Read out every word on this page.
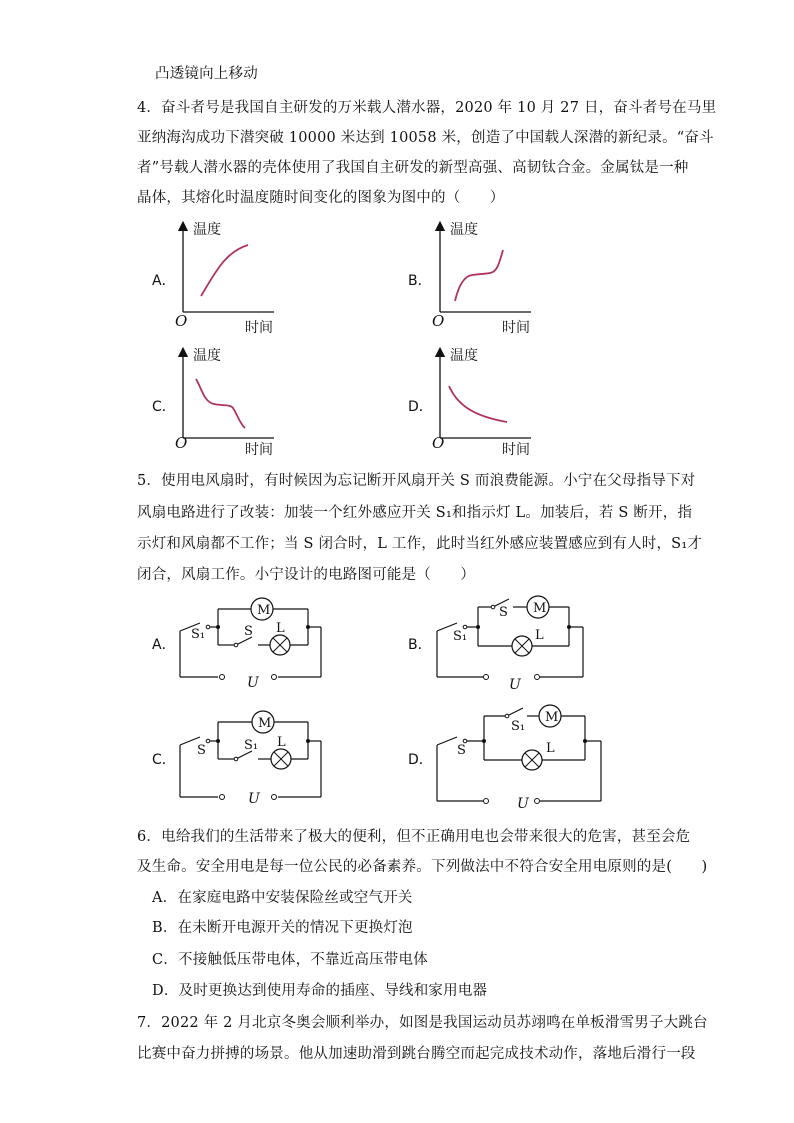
凸透镜向上移动
4．奋斗者号是我国自主研发的万米载人潜水器，2020 年 10 月 27 日，奋斗者号在马里
亚纳海沟成功下潜突破 10000 米达到 10058 米，创造了中国载人深潜的新纪录。“奋斗
者”号载人潜水器的壳体使用了我国自主研发的新型高强、高韧钛合金。金属钛是一种
晶体，其熔化时温度随时间变化的图象为图中的（　　）
A．	B．
C．	D．
温度
O	时间
温度
O	时间
温度
O	时间
温度
O	时间
5．使用电风扇时，有时候因为忘记断开风扇开关 S 而浪费能源。小宁在父母指导下对
风扇电路进行了改装：加装一个红外感应开关 S₁和指示灯 L。加装后，若 S 断开，指
示灯和风扇都不工作；当 S 闭合时，L 工作，此时当红外感应装置感应到有人时，S₁才
闭合，风扇工作。小宁设计的电路图可能是（　　）
A．	B．
C．	D．
M
L
S₁	S
U
M
L
S₁
S
U
M
L
S	S₁
U
M
L
S
S₁
U
6．电给我们的生活带来了极大的便利，但不正确用电也会带来很大的危害，甚至会危
及生命。安全用电是每一位公民的必备素养。下列做法中不符合安全用电原则的是(　　)
A．在家庭电路中安装保险丝或空气开关
B．在未断开电源开关的情况下更换灯泡
C．不接触低压带电体，不靠近高压带电体
D．及时更换达到使用寿命的插座、导线和家用电器
7．2022 年 2 月北京冬奥会顺利举办，如图是我国运动员苏翊鸣在单板滑雪男子大跳台
比赛中奋力拼搏的场景。他从加速助滑到跳台腾空而起完成技术动作，落地后滑行一段
